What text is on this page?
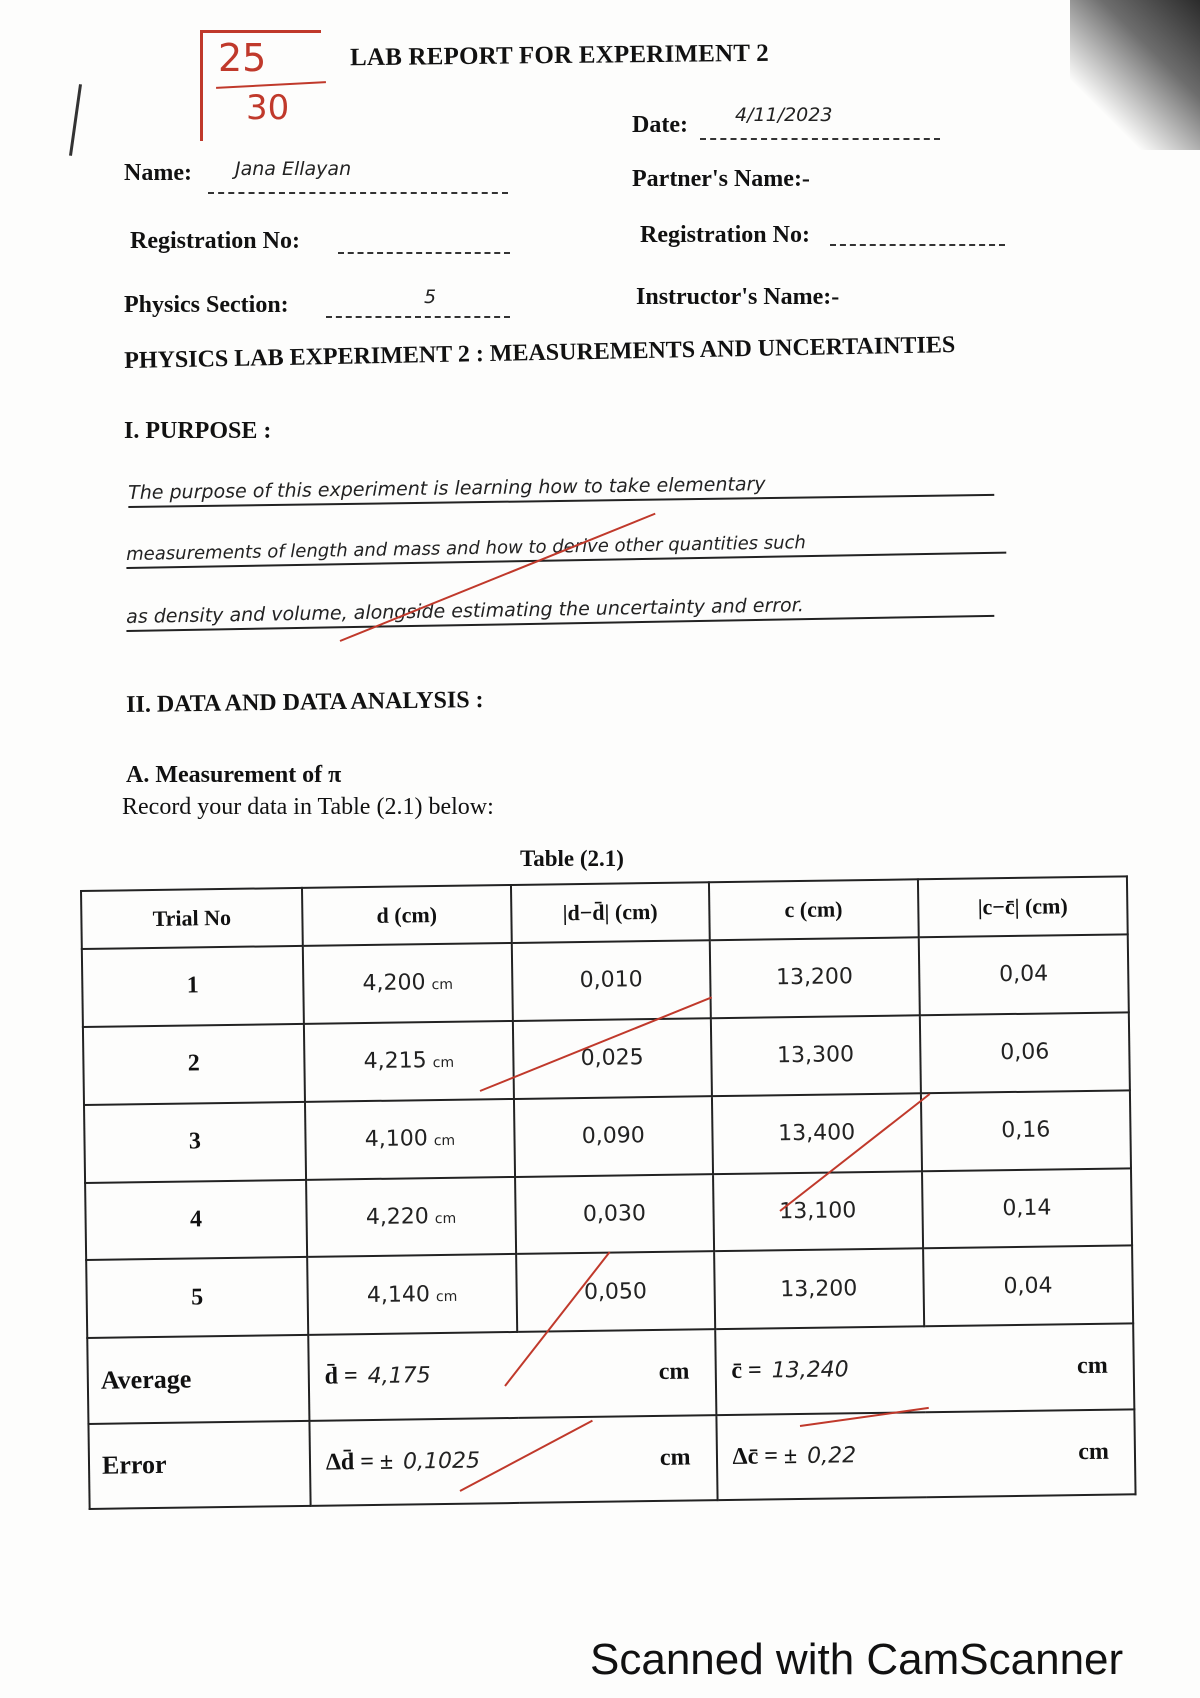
25
30
LAB REPORT FOR EXPERIMENT 2
Date: 4/11/2023
Name: Jana Ellayan	Partner's Name:-
Registration No:	Registration No:
Physics Section:	5	Instructor's Name:-
PHYSICS LAB EXPERIMENT 2 : MEASUREMENTS AND UNCERTAINTIES
I. PURPOSE :
The purpose of this experiment is learning how to take elementary
measurements of length and mass and how to derive other quantities such
as density and volume, alongside estimating the uncertainty and error.
II. DATA AND DATA ANALYSIS :
A. Measurement of π
Record your data in Table (2.1) below:
Table (2.1)
Trial No	d (cm)	|d−d̄| (cm)	c (cm)	|c−c̄| (cm)
1	4,200 cm	0,010	13,200	0,04
2	4,215 cm	0,025	13,300	0,06
3	4,100 cm	0,090	13,400	0,16
4	4,220 cm	0,030	13,100	0,14
5	4,140 cm	0,050	13,200	0,04
Average	d̄ = 4,175 cm		c̄ = 13,240 cm	

Error	Δd̄ = ± 0,1025 cm		Δc̄ = ± 0,22 cm	
Scanned with CamScanner
